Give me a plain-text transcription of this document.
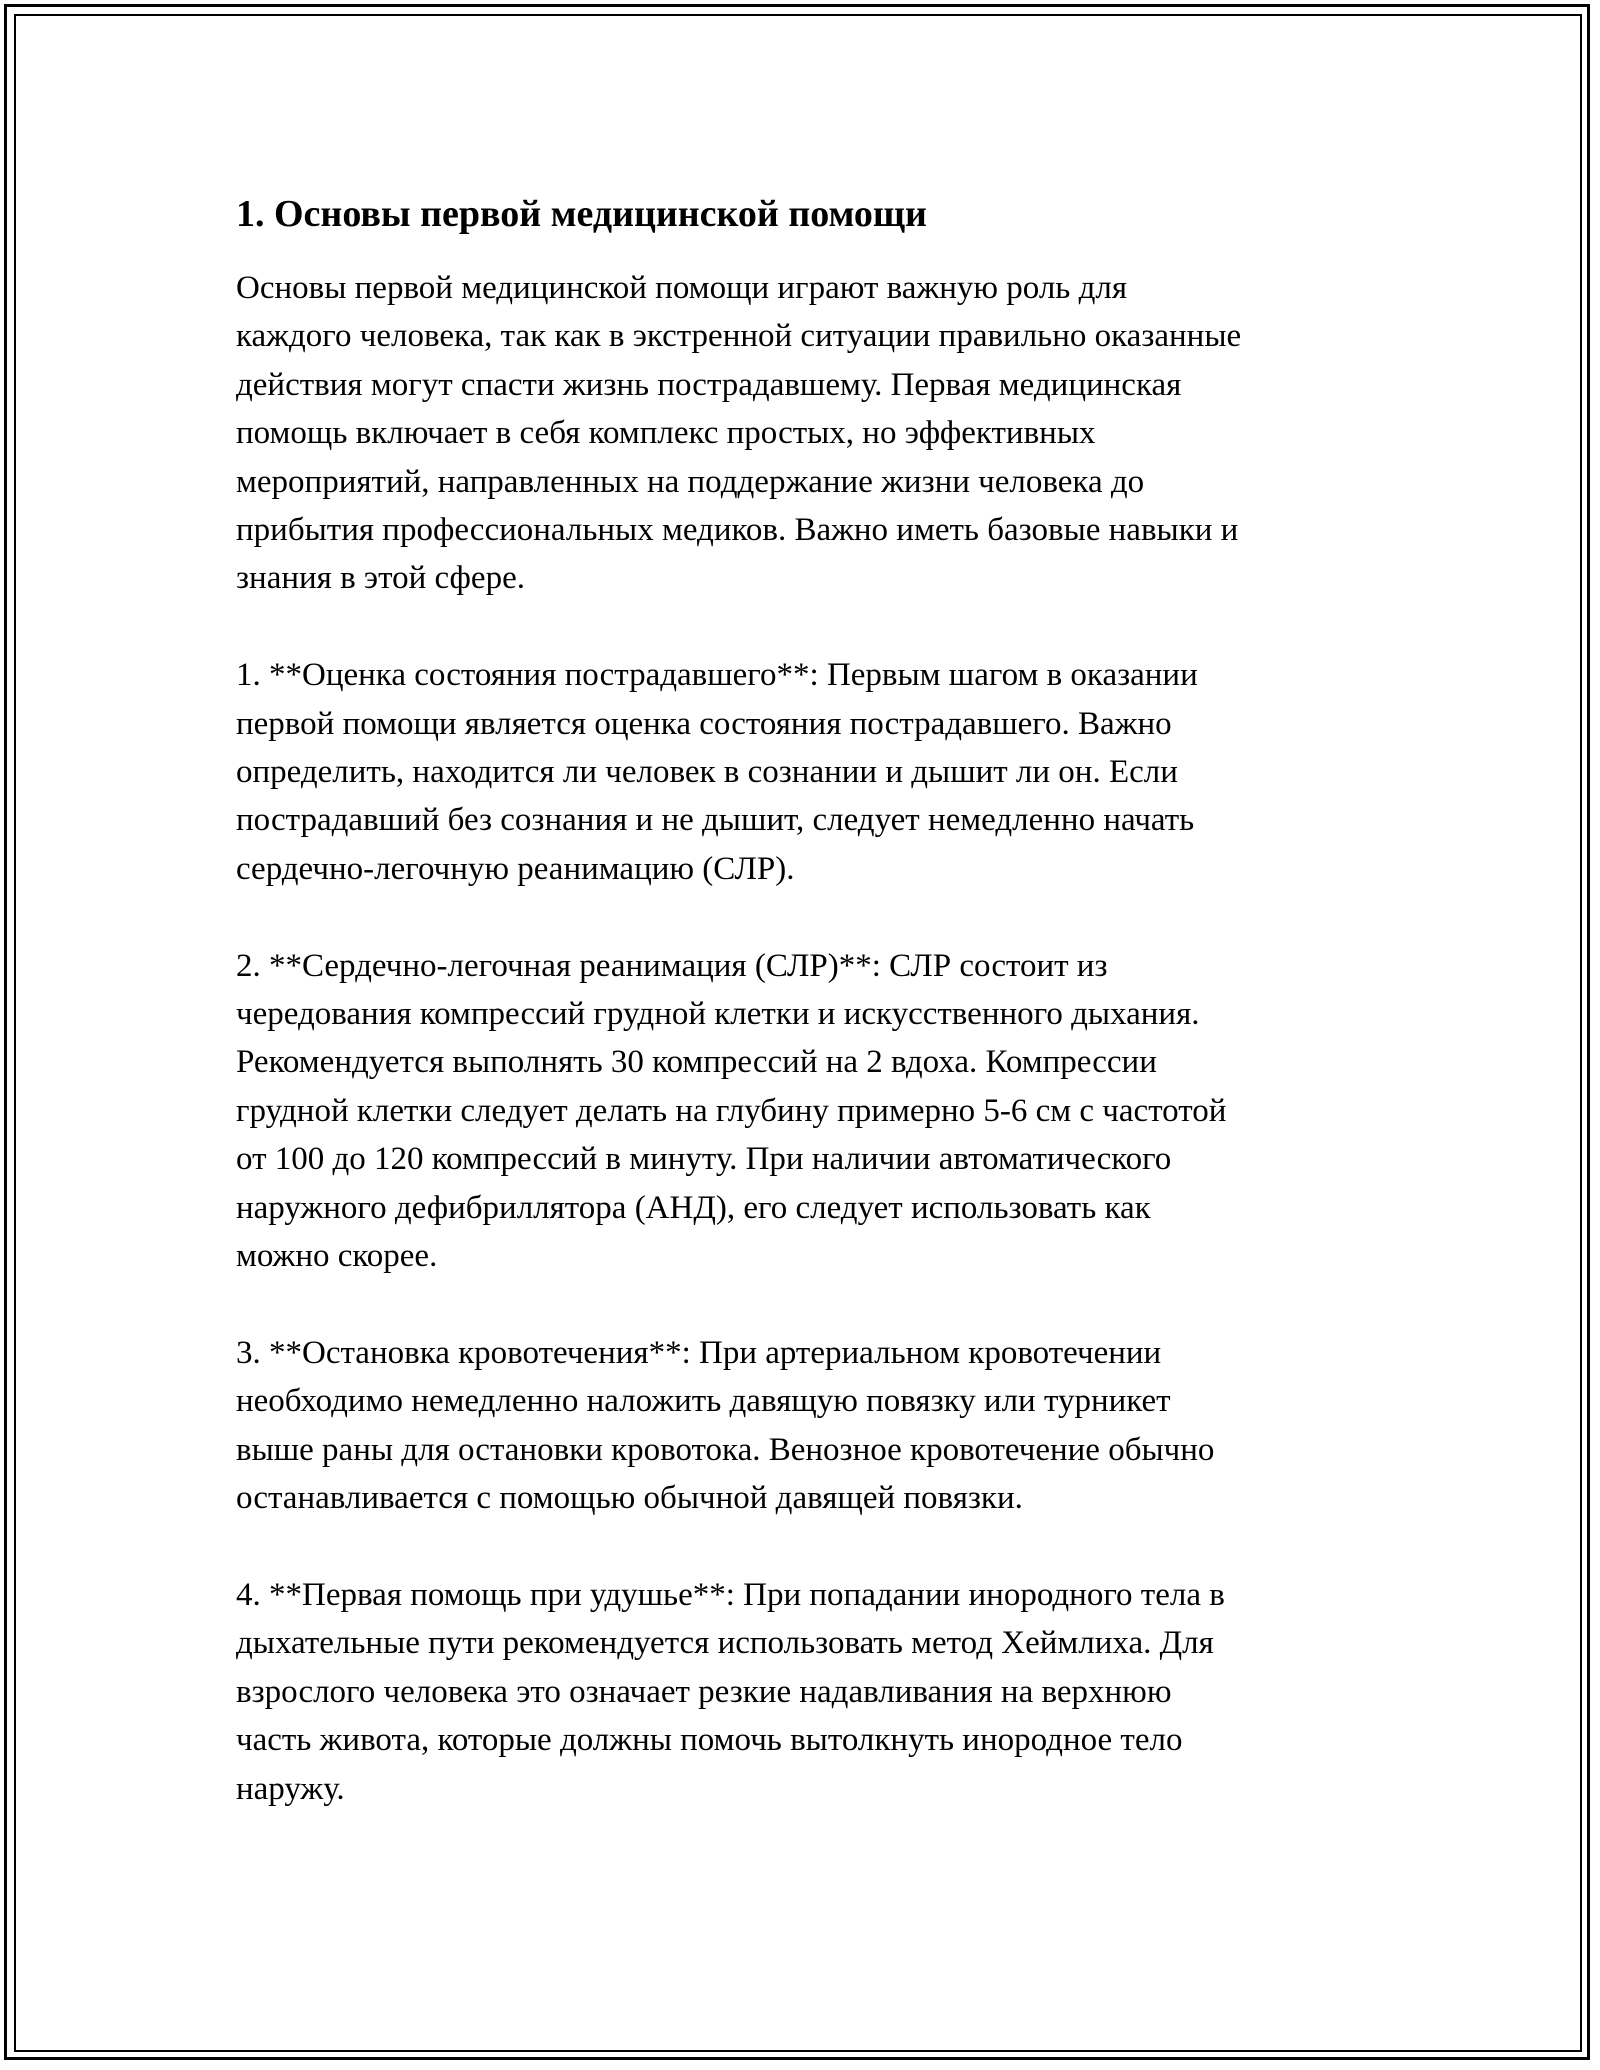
1. Основы первой медицинской помощи

Основы первой медицинской помощи играют важную роль для
каждого человека, так как в экстренной ситуации правильно оказанные
действия могут спасти жизнь пострадавшему. Первая медицинская
помощь включает в себя комплекс простых, но эффективных
мероприятий, направленных на поддержание жизни человека до
прибытия профессиональных медиков. Важно иметь базовые навыки и
знания в этой сфере.

1. **Оценка состояния пострадавшего**: Первым шагом в оказании
первой помощи является оценка состояния пострадавшего. Важно
определить, находится ли человек в сознании и дышит ли он. Если
пострадавший без сознания и не дышит, следует немедленно начать
сердечно-легочную реанимацию (СЛР).

2. **Сердечно-легочная реанимация (СЛР)**: СЛР состоит из
чередования компрессий грудной клетки и искусственного дыхания.
Рекомендуется выполнять 30 компрессий на 2 вдоха. Компрессии
грудной клетки следует делать на глубину примерно 5-6 см с частотой
от 100 до 120 компрессий в минуту. При наличии автоматического
наружного дефибриллятора (АНД), его следует использовать как
можно скорее.

3. **Остановка кровотечения**: При артериальном кровотечении
необходимо немедленно наложить давящую повязку или турникет
выше раны для остановки кровотока. Венозное кровотечение обычно
останавливается с помощью обычной давящей повязки.

4. **Первая помощь при удушье**: При попадании инородного тела в
дыхательные пути рекомендуется использовать метод Хеймлиха. Для
взрослого человека это означает резкие надавливания на верхнюю
часть живота, которые должны помочь вытолкнуть инородное тело
наружу.
